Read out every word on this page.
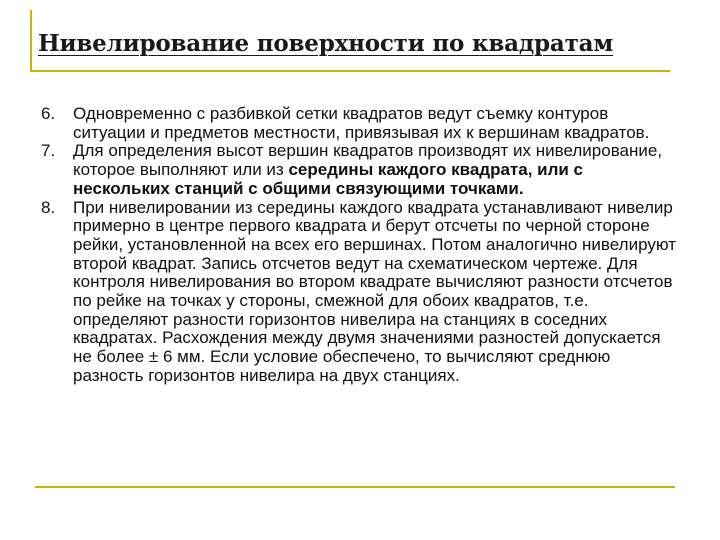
Нивелирование поверхности по квадратам
6. Одновременно с разбивкой сетки квадратов ведут съемку контуров ситуации и предметов местности, привязывая их к вершинам квадратов.
7. Для определения высот вершин квадратов производят их нивелирование, которое выполняют или из середины каждого квадрата, или с нескольких станций с общими связующими точками.
8. При нивелировании из середины каждого квадрата устанавливают нивелир примерно в центре первого квадрата и берут отсчеты по черной стороне рейки, установленной на всех его вершинах. Потом аналогично нивелируют второй квадрат. Запись отсчетов ведут на схематическом чертеже. Для контроля нивелирования во втором квадрате вычисляют разности отсчетов по рейке на точках у стороны, смежной для обоих квадратов, т.е. определяют разности горизонтов нивелира на станциях в соседних квадратах. Расхождения между двумя значениями разностей допускается не более ± 6 мм. Если условие обеспечено, то вычисляют среднюю разность горизонтов нивелира на двух станциях.
